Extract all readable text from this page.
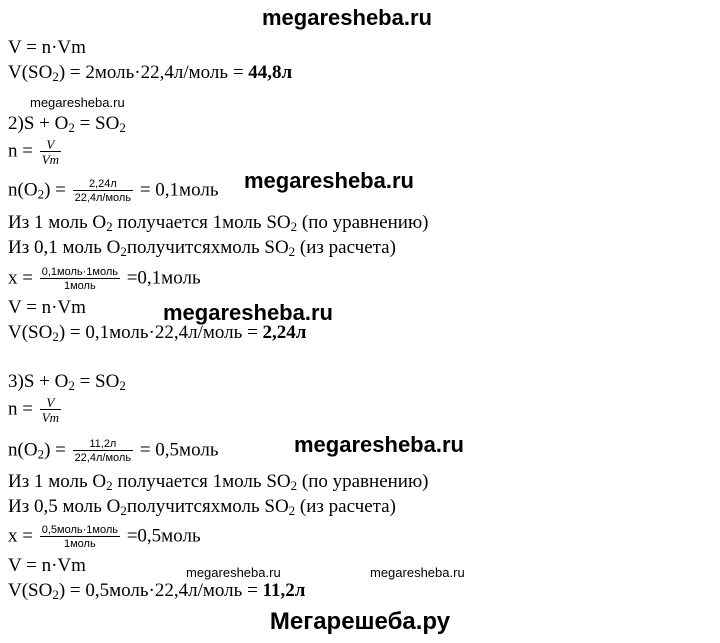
megaresheba.ru
V = n·Vm
$V(SO_2)$ = 2моль·22,4л/моль = 44,8л
megaresheba.ru
$2)S + O_2 = SO_2$
$n = \frac{V}{Vm}$
$n(O_2) = \frac{2,24л}{\text{22,4л/моль}}$ = 0,1моль megaresheba.ru
Из 1 моль $O_2$ получается 1моль $SO_2$ (по уравнению)
Из 0,1 моль $O_2получитсяхмоль$ $SO_2$ (из расчета)
$x = \frac{\text{0,1моль·1моль}}{\text{1моль}}$ =0,1моль
V = n·Vm	megaresheba.ru
$V(SO_2)$ = 0,1моль·22,4л/моль = 2,24л
$3)S + O_2 = SO_2$
$n = \frac{V}{Vm}$
$n(O_2) = \frac{11,2л}{\text{22,4л/моль}}$ = 0,5моль	megaresheba.ru
Из 1 моль $O_2$ получается 1моль $SO_2$ (по уравнению)
Из 0,5 моль $O_2получитсяхмоль$ $SO_2$ (из расчета)
$x = \frac{\text{0,5моль·1моль}}{\text{1моль}}$ =0,5моль
V = n·Vm	megaresheba.ru	megaresheba.ru
$V(SO_2)$ = 0,5моль·22,4л/моль = 11,2л
Мегарешеба.ру
